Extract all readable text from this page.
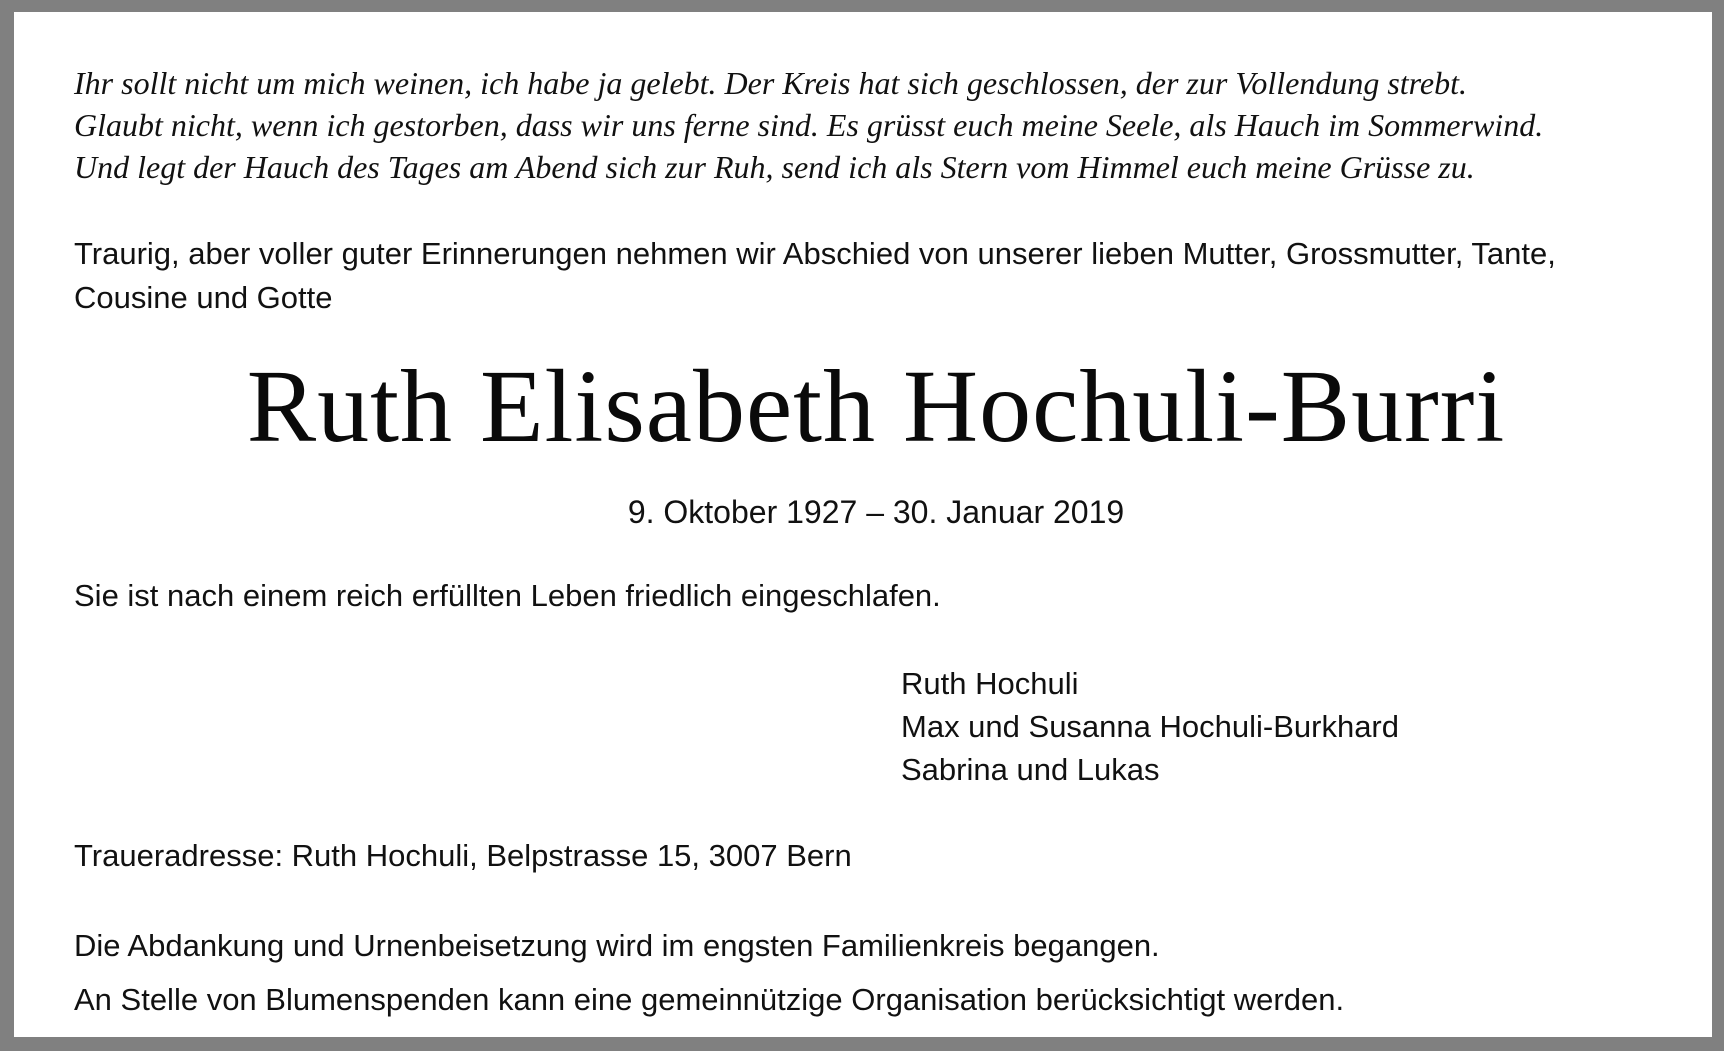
Ihr sollt nicht um mich weinen, ich habe ja gelebt. Der Kreis hat sich geschlossen, der zur Vollendung strebt.
Glaubt nicht, wenn ich gestorben, dass wir uns ferne sind. Es grüsst euch meine Seele, als Hauch im Sommerwind.
Und legt der Hauch des Tages am Abend sich zur Ruh, send ich als Stern vom Himmel euch meine Grüsse zu.
Traurig, aber voller guter Erinnerungen nehmen wir Abschied von unserer lieben Mutter, Grossmutter, Tante,
Cousine und Gotte
Ruth Elisabeth Hochuli-Burri
9. Oktober 1927 – 30. Januar 2019
Sie ist nach einem reich erfüllten Leben friedlich eingeschlafen.
Ruth Hochuli
Max und Susanna Hochuli-Burkhard
Sabrina und Lukas
Traueradresse: Ruth Hochuli, Belpstrasse 15, 3007 Bern
Die Abdankung und Urnenbeisetzung wird im engsten Familienkreis begangen.
An Stelle von Blumenspenden kann eine gemeinnützige Organisation berücksichtigt werden.
